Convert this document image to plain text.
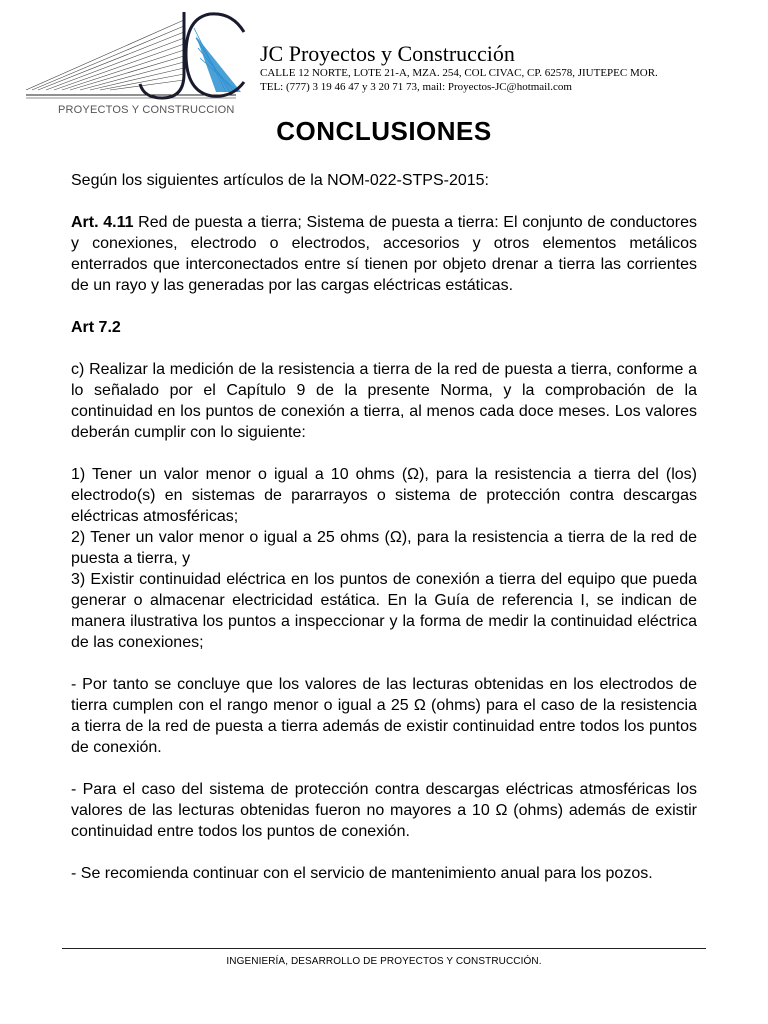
PROYECTOS Y CONSTRUCCION
JC Proyectos y Construcción
CALLE 12 NORTE, LOTE 21-A, MZA. 254, COL CIVAC, CP. 62578, JIUTEPEC MOR.
TEL: (777) 3 19 46 47 y 3 20 71 73, mail: Proyectos-JC@hotmail.com
CONCLUSIONES

Según los siguientes artículos de la NOM-022-STPS-2015:

Art. 4.11 Red de puesta a tierra; Sistema de puesta a tierra: El conjunto de conductores y conexiones, electrodo o electrodos, accesorios y otros elementos metálicos enterrados que interconectados entre sí tienen por objeto drenar a tierra las corrientes de un rayo y las generadas por las cargas eléctricas estáticas.

Art 7.2

c) Realizar la medición de la resistencia a tierra de la red de puesta a tierra, conforme a lo señalado por el Capítulo 9 de la presente Norma, y la comprobación de la continuidad en los puntos de conexión a tierra, al menos cada doce meses. Los valores deberán cumplir con lo siguiente:

1) Tener un valor menor o igual a 10 ohms (Ω), para la resistencia a tierra del (los) electrodo(s) en sistemas de pararrayos o sistema de protección contra descargas eléctricas atmosféricas;

2) Tener un valor menor o igual a 25 ohms (Ω), para la resistencia a tierra de la red de puesta a tierra, y

3) Existir continuidad eléctrica en los puntos de conexión a tierra del equipo que pueda generar o almacenar electricidad estática. En la Guía de referencia I, se indican de manera ilustrativa los puntos a inspeccionar y la forma de medir la continuidad eléctrica de las conexiones;

- Por tanto se concluye que los valores de las lecturas obtenidas en los electrodos de tierra cumplen con el rango menor o igual a 25 Ω (ohms) para el caso de la resistencia a tierra de la red de puesta a tierra además de existir continuidad entre todos los puntos de conexión.

- Para el caso del sistema de protección contra descargas eléctricas atmosféricas los valores de las lecturas obtenidas fueron no mayores a 10 Ω (ohms) además de existir continuidad entre todos los puntos de conexión.

- Se recomienda continuar con el servicio de mantenimiento anual para los pozos.

INGENIERÍA, DESARROLLO DE PROYECTOS Y CONSTRUCCIÓN.
